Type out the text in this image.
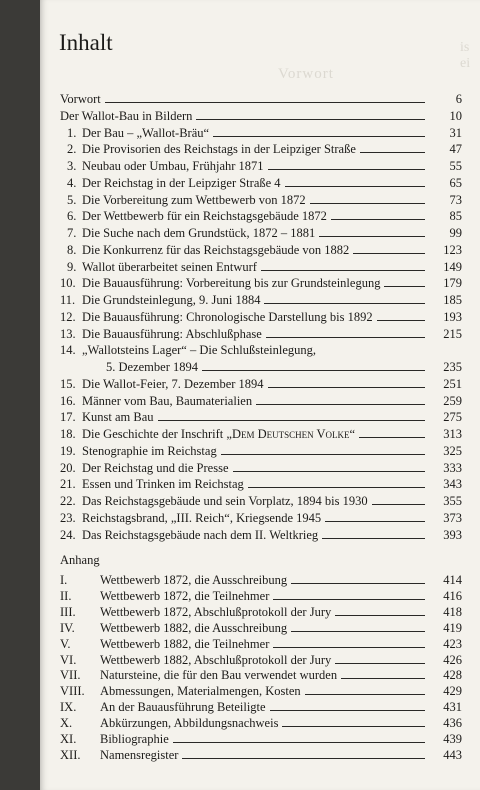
Vorwort
is ei
Inhalt
Vorwort	6
Der Wallot-Bau in Bildern	10
1. Der Bau – „Wallot-Bräu“	31
2. Die Provisorien des Reichstags in der Leipziger Straße	47
3. Neubau oder Umbau, Frühjahr 1871	55
4. Der Reichstag in der Leipziger Straße 4	65
5. Die Vorbereitung zum Wettbewerb von 1872	73
6. Der Wettbewerb für ein Reichstagsgebäude 1872	85
7. Die Suche nach dem Grundstück, 1872 – 1881	99
8. Die Konkurrenz für das Reichstagsgebäude von 1882	123
9. Wallot überarbeitet seinen Entwurf	149
10. Die Bauausführung: Vorbereitung bis zur Grundsteinlegung	179
11. Die Grundsteinlegung, 9. Juni 1884	185
12. Die Bauausführung: Chronologische Darstellung bis 1892	193
13. Die Bauausführung: Abschlußphase	215
14. „Wallotsteins Lager“ – Die Schlußsteinlegung,
5. Dezember 1894	235
15. Die Wallot-Feier, 7. Dezember 1894	251
16. Männer vom Bau, Baumaterialien	259
17. Kunst am Bau	275
18. Die Geschichte der Inschrift „Dem Deutschen Volke“	313
19. Stenographie im Reichstag	325
20. Der Reichstag und die Presse	333
21. Essen und Trinken im Reichstag	343
22. Das Reichstagsgebäude und sein Vorplatz, 1894 bis 1930	355
23. Reichstagsbrand, „III. Reich“, Kriegsende 1945	373
24. Das Reichstagsgebäude nach dem II. Weltkrieg	393
Anhang
I.	Wettbewerb 1872, die Ausschreibung	414
II.	Wettbewerb 1872, die Teilnehmer	416
III.	Wettbewerb 1872, Abschlußprotokoll der Jury	418
IV.	Wettbewerb 1882, die Ausschreibung	419
V.	Wettbewerb 1882, die Teilnehmer	423
VI.	Wettbewerb 1882, Abschlußprotokoll der Jury	426
VII.	Natursteine, die für den Bau verwendet wurden	428
VIII.	Abmessungen, Materialmengen, Kosten	429
IX.	An der Bauausführung Beteiligte	431
X.	Abkürzungen, Abbildungsnachweis	436
XI.	Bibliographie	439
XII.	Namensregister	443
